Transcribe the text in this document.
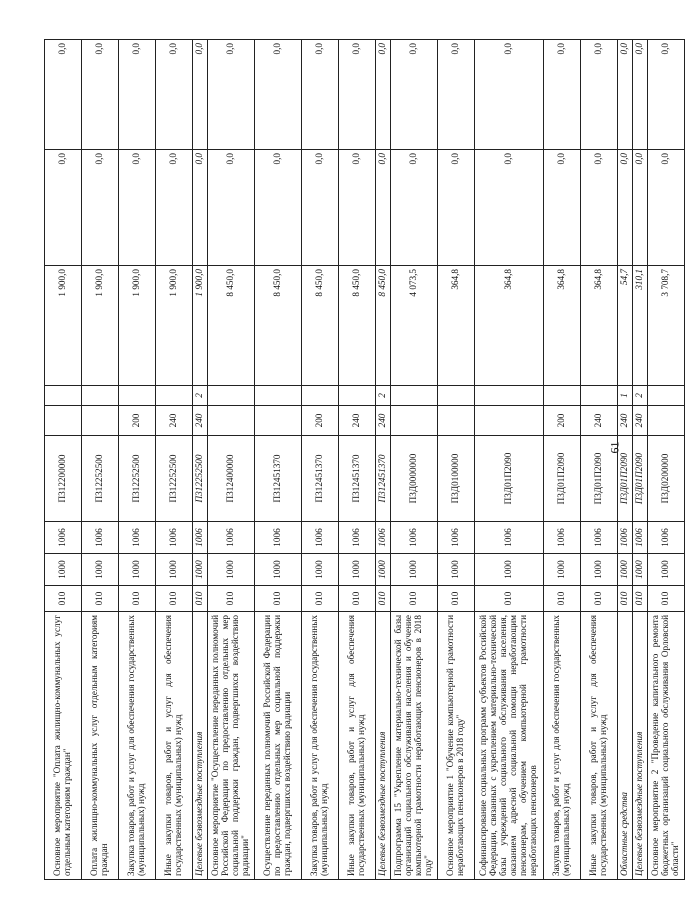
61
Основное мероприятие "Оплата жилищно-коммунальных услуг отдельным категориям граждан"	010	1000	1006	П312200000			1 900,0	0,0	0,0
Оплата жилищно-коммунальных услуг отдельным категориям граждан	010	1000	1006	П312252500			1 900,0	0,0	0,0
Закупка товаров, работ и услуг для обеспечения государственных (муниципальных) нужд	010	1000	1006	П312252500	200		1 900,0	0,0	0,0
Иные закупки товаров, работ и услуг для обеспечения государственных (муниципальных) нужд	010	1000	1006	П312252500	240		1 900,0	0,0	0,0
Целевые безвозмездные поступления	010	1000	1006	П312252500	240	2	1 900,0	0,0	0,0
Основное мероприятие "Осуществление переданных полномочий Российской Федерации по предоставлению отдельных мер социальной поддержки граждан, подвергшихся воздействию радиации"	010	1000	1006	П312400000			8 450,0	0,0	0,0
Осуществление переданных полномочий Российской Федерации по предоставлению отдельных мер социальной поддержки граждан, подвергшихся воздействию радиации	010	1000	1006	П312451370			8 450,0	0,0	0,0
Закупка товаров, работ и услуг для обеспечения государственных (муниципальных) нужд	010	1000	1006	П312451370	200		8 450,0	0,0	0,0
Иные закупки товаров, работ и услуг для обеспечения государственных (муниципальных) нужд	010	1000	1006	П312451370	240		8 450,0	0,0	0,0
Целевые безвозмездные поступления	010	1000	1006	П312451370	240	2	8 450,0	0,0	0,0
Подпрограмма 15 "Укрепление материально-технической базы организаций социального обслуживания населения и обучение компьютерной грамотности неработающих пенсионеров в 2018 году"	010	1000	1006	П3Д0000000			4 073,5	0,0	0,0
Основное мероприятие 1 "Обучение компьютерной грамотности неработающих пенсионеров в 2018 году"	010	1000	1006	П3Д0100000			364,8	0,0	0,0
Софинансирование социальных программ субъектов Российской Федерации, связанных с укреплением материально-технической базы учреждений социального обслуживания населения, оказанием адресной социальной помощи неработающим пенсионерам, обучением компьютерной грамотности неработающих пенсионеров	010	1000	1006	П3Д01П2090			364,8	0,0	0,0
Закупка товаров, работ и услуг для обеспечения государственных (муниципальных) нужд	010	1000	1006	П3Д01П2090	200		364,8	0,0	0,0
Иные закупки товаров, работ и услуг для обеспечения государственных (муниципальных) нужд	010	1000	1006	П3Д01П2090	240		364,8	0,0	0,0
Областные средства	010	1000	1006	П3Д01П2090	240	1	54,7	0,0	0,0
Целевые безвозмездные поступления	010	1000	1006	П3Д01П2090	240	2	310,1	0,0	0,0
Основное мероприятие 2 "Проведение капитального ремонта бюджетных организаций социального обслуживания Орловской области"	010	1000	1006	П3Д0200000			3 708,7	0,0	0,0
